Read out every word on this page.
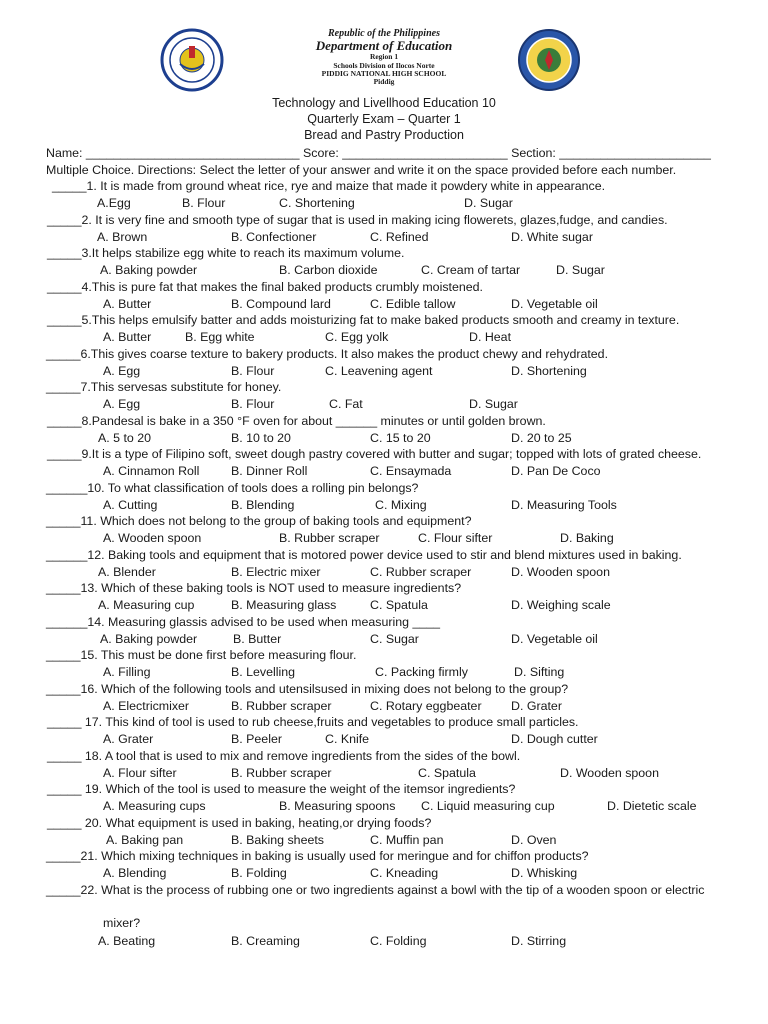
Republic of the Philippines
Department of Education
Region 1
Schools Division of Ilocos Norte
PIDDIG NATIONAL HIGH SCHOOL
Piddig
Technology and Livellhood Education 10
Quarterly Exam – Quarter 1
Bread and Pastry Production
Name: _______________________________ Score: ________________________ Section: ______________________
Multiple Choice. Directions: Select the letter of your answer and write it on the space provided before each number.
_____1. It is made from ground wheat rice, rye and maize that made it powdery white in appearance.
A.Egg	B. Flour	C. Shortening	D. Sugar
_____2. It is very fine and smooth type of sugar that is used in making icing flowerets, glazes,fudge, and candies.
A. Brown	B. Confectioner	C. Refined	D. White sugar
_____3.It helps stabilize egg white to reach its maximum volume.
A. Baking powder	B. Carbon dioxide	C. Cream of tartar	D. Sugar
_____4.This is pure fat that makes the final baked products crumbly moistened.
A. Butter	B. Compound lard	C. Edible tallow	D. Vegetable oil
_____5.This helps emulsify batter and adds moisturizing fat to make baked products smooth and creamy in texture.
A. Butter	B. Egg white	C. Egg yolk	D. Heat
_____6.This gives coarse texture to bakery products. It also makes the product chewy and rehydrated.
A. Egg	B. Flour	C. Leavening agent	D. Shortening
_____7.This servesas substitute for honey.
A. Egg	B. Flour	C. Fat	D. Sugar
_____8.Pandesal is bake in a 350 °F oven for about ______ minutes or until golden brown.
A. 5 to 20	B. 10 to 20	C. 15 to 20	D. 20 to 25
_____9.It is a type of Filipino soft, sweet dough pastry covered with butter and sugar; topped with lots of grated cheese.
A. Cinnamon Roll	B. Dinner Roll	C. Ensaymada	D. Pan De Coco
______10. To what classification of tools does a rolling pin belongs?
A. Cutting	B. Blending	C. Mixing	D. Measuring Tools
_____11. Which does not belong to the group of baking tools and equipment?
A. Wooden spoon	B. Rubber scraper	C. Flour sifter	D. Baking
______12. Baking tools and equipment that is motored power device used to stir and blend mixtures used in baking.
A. Blender	B. Electric mixer	C. Rubber scraper	D. Wooden spoon
_____13. Which of these baking tools is NOT used to measure ingredients?
A. Measuring cup	B. Measuring glass	C. Spatula	D. Weighing scale
______14. Measuring glassis advised to be used when measuring ____
A. Baking powder	B. Butter	C. Sugar	D. Vegetable oil
_____15. This must be done first before measuring flour.
A. Filling	B. Levelling	C. Packing firmly	D. Sifting
_____16. Which of the following tools and utensilsused in mixing does not belong to the group?
A. Electricmixer	B. Rubber scraper	C. Rotary eggbeater D. Grater
_____ 17. This kind of tool is used to rub cheese,fruits and vegetables to produce small particles.
A. Grater	B. Peeler	C. Knife	D. Dough cutter
_____ 18. A tool that is used to mix and remove ingredients from the sides of the bowl.
A. Flour sifter	B. Rubber scraper	C. Spatula	D. Wooden spoon
_____ 19. Which of the tool is used to measure the weight of the itemsor ingredients?
A. Measuring cups	B. Measuring spoons C. Liquid measuring cup	D. Dietetic scale
_____ 20. What equipment is used in baking, heating,or drying foods?
A. Baking pan	B. Baking sheets	C. Muffin pan	D. Oven
_____21. Which mixing techniques in baking is usually used for meringue and for chiffon products?
A. Blending	B. Folding	C. Kneading	D. Whisking
_____22. What is the process of rubbing one or two ingredients against a bowl with the tip of a wooden spoon or electric
mixer?
A. Beating	B. Creaming	C. Folding	D. Stirring
